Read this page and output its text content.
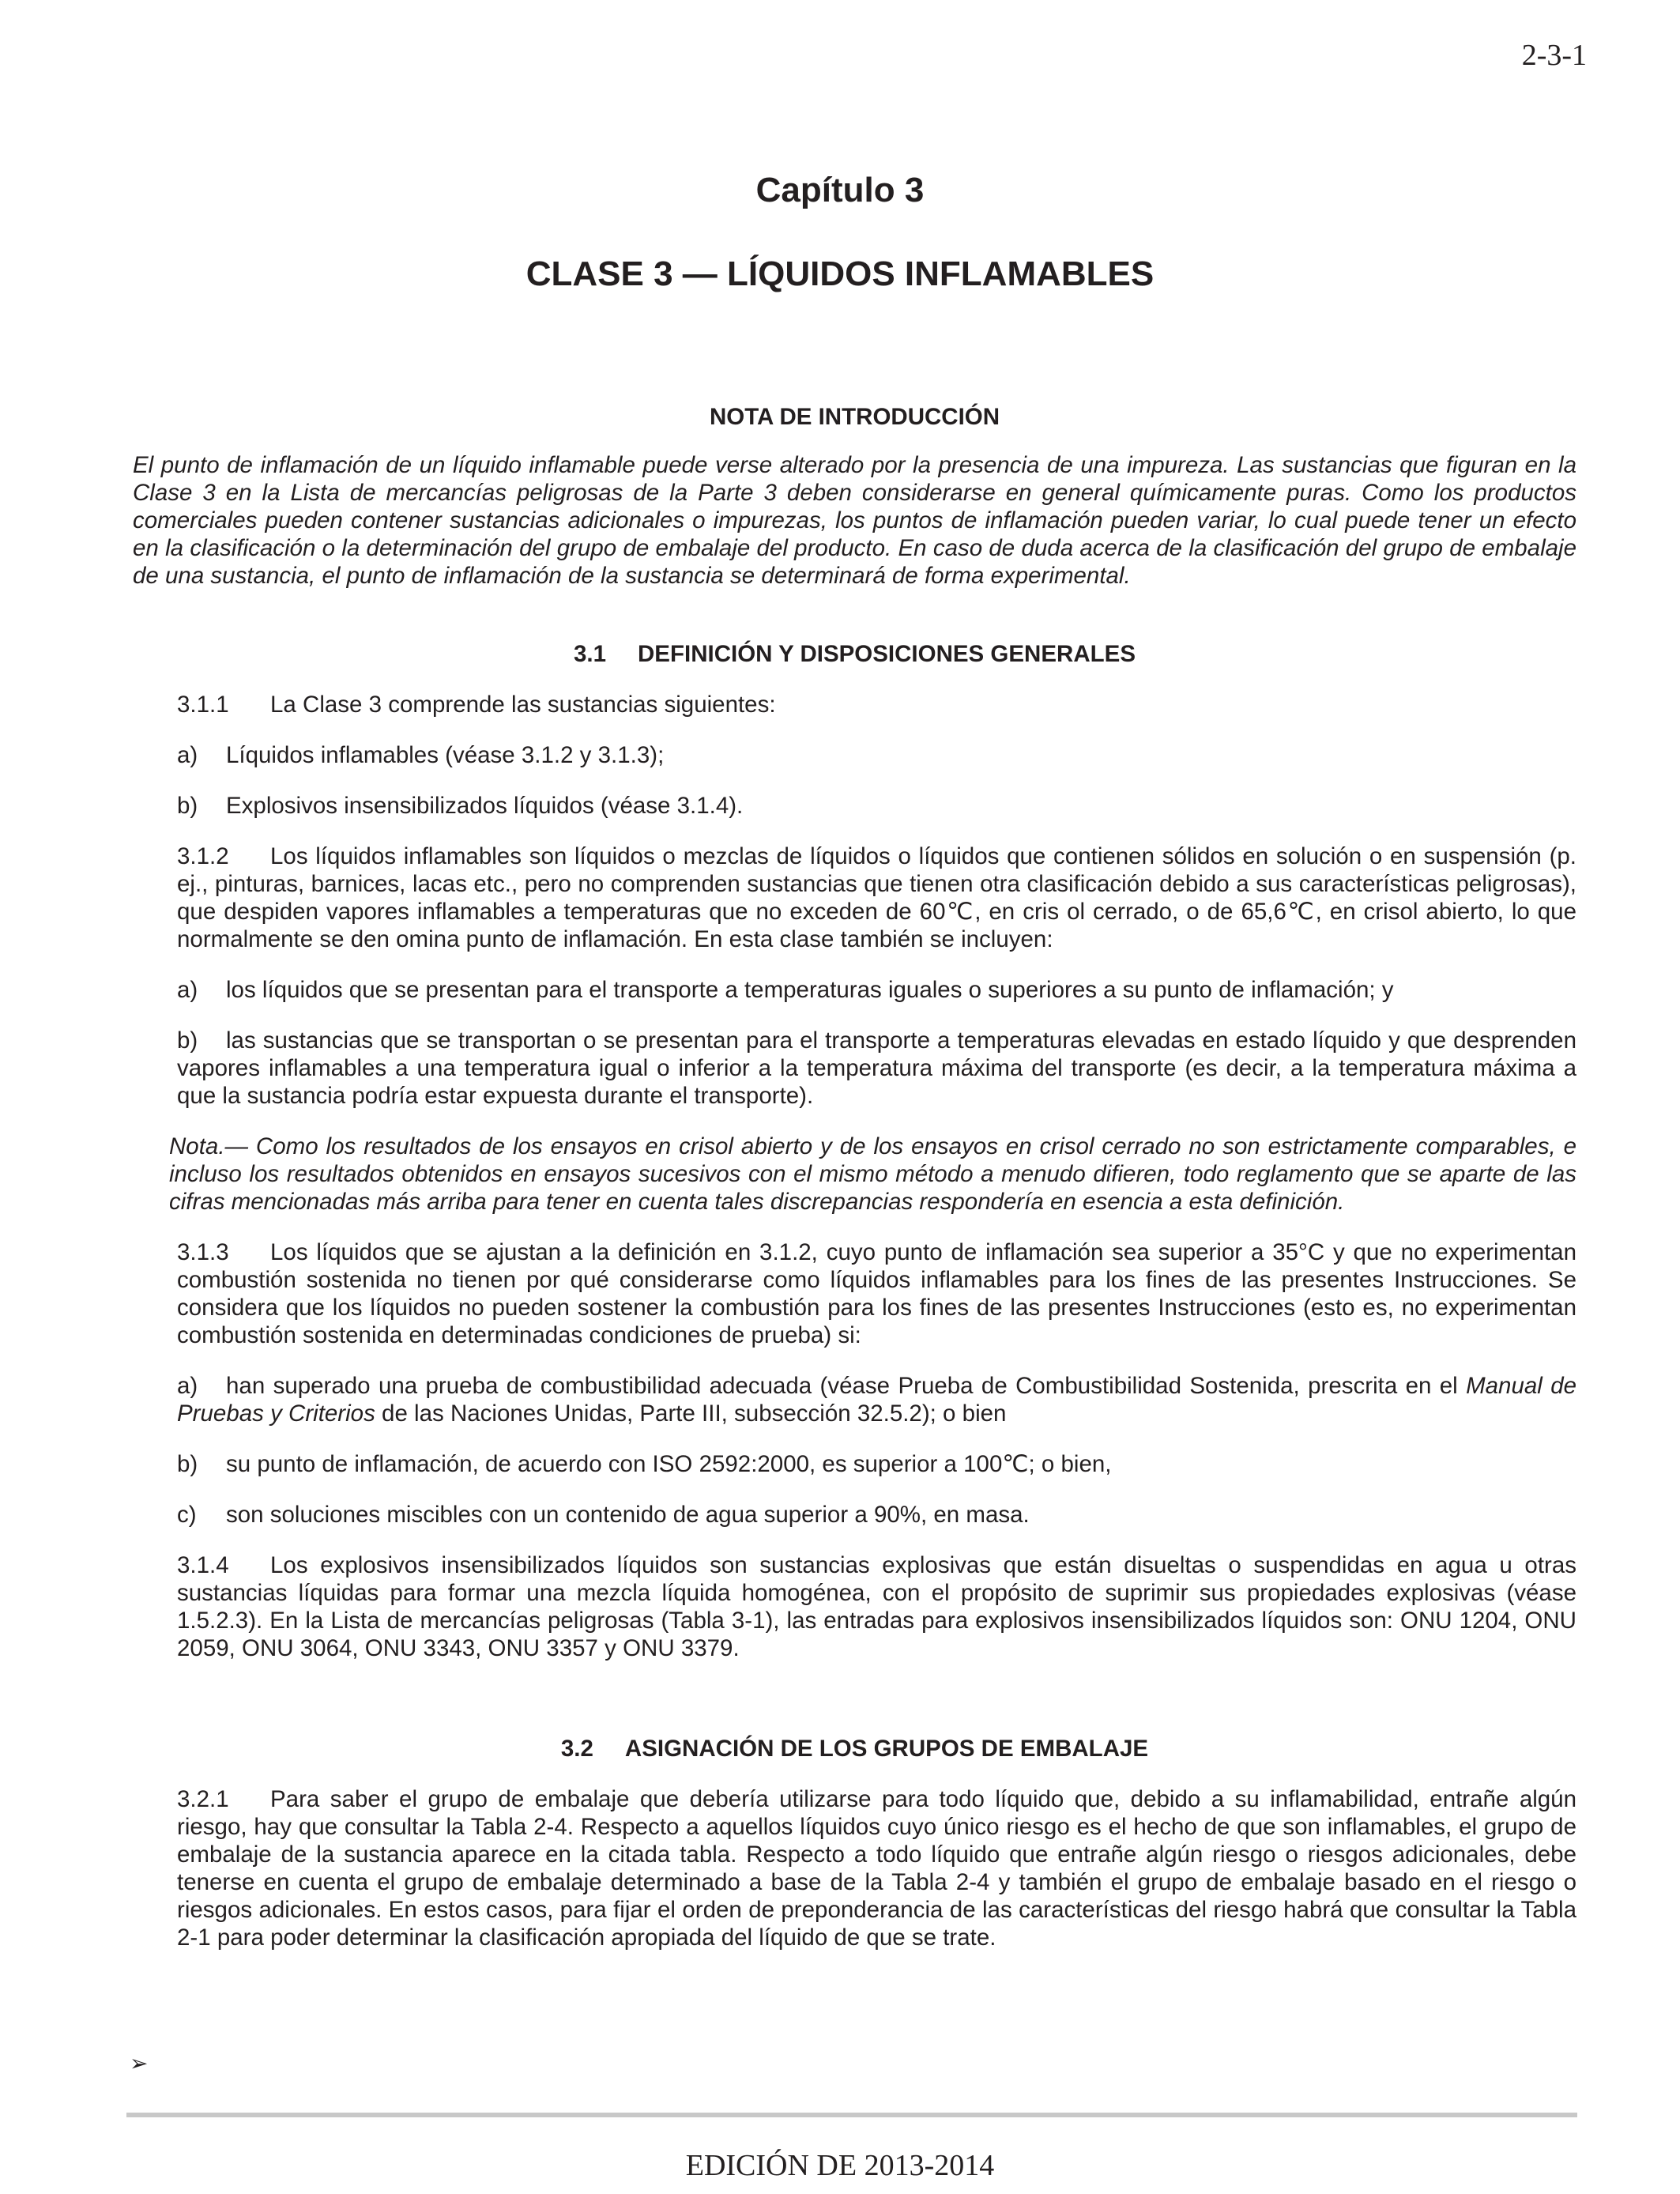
2-3-1
Capítulo 3
CLASE 3 — LÍQUIDOS INFLAMABLES
NOTA DE INTRODUCCIÓN

El punto de inflamación de un líquido inflamable puede verse alterado por la presencia de una impureza. Las sustancias que figuran en la Clase 3 en la Lista de mercancías peligrosas de la Parte 3 deben considerarse en general químicamente puras. Como los productos comerciales pueden contener sustancias adicionales o impurezas, los puntos de inflamación pueden variar, lo cual puede tener un efecto en la clasificación o la determinación del grupo de embalaje del producto. En caso de duda acerca de la clasificación del grupo de embalaje de una sustancia, el punto de inflamación de la sustancia se determinará de forma experimental.

3.1 DEFINICIÓN Y DISPOSICIONES GENERALES

3.1.1 La Clase 3 comprende las sustancias siguientes:

a) Líquidos inflamables (véase 3.1.2 y 3.1.3);

b) Explosivos insensibilizados líquidos (véase 3.1.4).

3.1.2 Los líquidos inflamables son líquidos o mezclas de líquidos o líquidos que contienen sólidos en solución o en suspensión (p. ej., pinturas, barnices, lacas etc., pero no comprenden sustancias que tienen otra clasificación debido a sus características peligrosas), que despiden vapores inflamables a temperaturas que no exceden de 60℃, en cris ol cerrado, o de 65,6℃, en crisol abierto, lo que normalmente se den omina punto de inflamación. En esta clase también se incluyen:

a) los líquidos que se presentan para el transporte a temperaturas iguales o superiores a su punto de inflamación; y

b) las sustancias que se transportan o se presentan para el transporte a temperaturas elevadas en estado líquido y que desprenden vapores inflamables a una temperatura igual o inferior a la temperatura máxima del transporte (es decir, a la temperatura máxima a que la sustancia podría estar expuesta durante el transporte).

Nota.— Como los resultados de los ensayos en crisol abierto y de los ensayos en crisol cerrado no son estrictamente comparables, e incluso los resultados obtenidos en ensayos sucesivos con el mismo método a menudo difieren, todo reglamento que se aparte de las cifras mencionadas más arriba para tener en cuenta tales discrepancias respondería en esencia a esta definición.

3.1.3 Los líquidos que se ajustan a la definición en 3.1.2, cuyo punto de inflamación sea superior a 35°C y que no experimentan combustión sostenida no tienen por qué considerarse como líquidos inflamables para los fines de las presentes Instrucciones. Se considera que los líquidos no pueden sostener la combustión para los fines de las presentes Instrucciones (esto es, no experimentan combustión sostenida en determinadas condiciones de prueba) si:

a) han superado una prueba de combustibilidad adecuada (véase Prueba de Combustibilidad Sostenida, prescrita en el Manual de Pruebas y Criterios de las Naciones Unidas, Parte III, subsección 32.5.2); o bien

b) su punto de inflamación, de acuerdo con ISO 2592:2000, es superior a 100℃; o bien,

c) son soluciones miscibles con un contenido de agua superior a 90%, en masa.

3.1.4 Los explosivos insensibilizados líquidos son sustancias explosivas que están disueltas o suspendidas en agua u otras sustancias líquidas para formar una mezcla líquida homogénea, con el propósito de suprimir sus propiedades explosivas (véase 1.5.2.3). En la Lista de mercancías peligrosas (Tabla 3-1), las entradas para explosivos insensibilizados líquidos son: ONU 1204, ONU 2059, ONU 3064, ONU 3343, ONU 3357 y ONU 3379.

3.2 ASIGNACIÓN DE LOS GRUPOS DE EMBALAJE

3.2.1 Para saber el grupo de embalaje que debería utilizarse para todo líquido que, debido a su inflamabilidad, entrañe algún riesgo, hay que consultar la Tabla 2-4. Respecto a aquellos líquidos cuyo único riesgo es el hecho de que son inflamables, el grupo de embalaje de la sustancia aparece en la citada tabla. Respecto a todo líquido que entrañe algún riesgo o riesgos adicionales, debe tenerse en cuenta el grupo de embalaje determinado a base de la Tabla 2-4 y también el grupo de embalaje basado en el riesgo o riesgos adicionales. En estos casos, para fijar el orden de preponderancia de las características del riesgo habrá que consultar la Tabla 2-1 para poder determinar la clasificación apropiada del líquido de que se trate.

➢
EDICIÓN DE 2013-2014
